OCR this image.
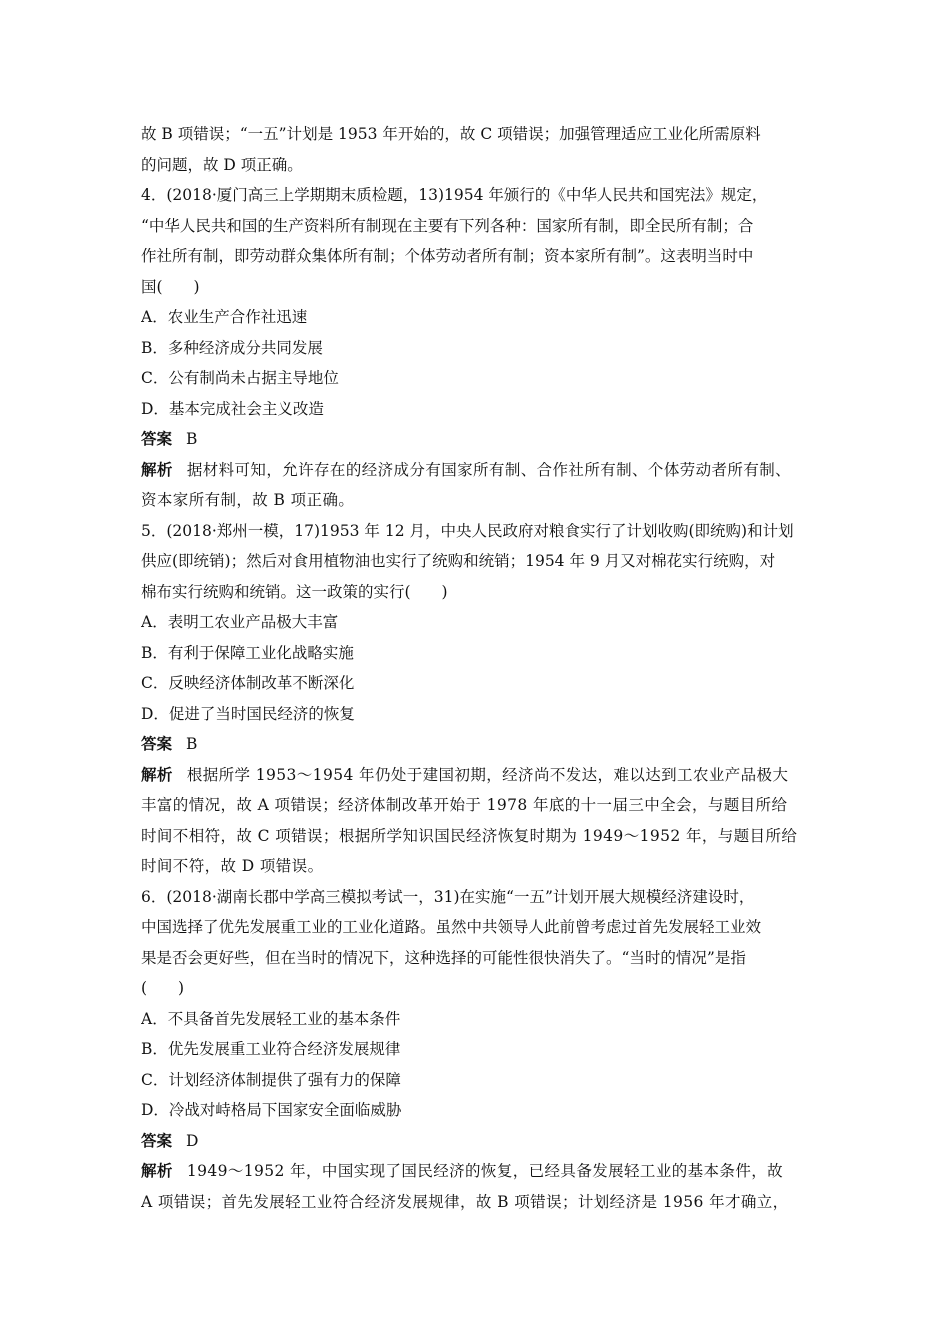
故 B 项错误；“一五”计划是 1953 年开始的，故 C 项错误；加强管理适应工业化所需原料
的问题，故 D 项正确。
4．(2018·厦门高三上学期期末质检题，13)1954 年颁行的《中华人民共和国宪法》规定，
“中华人民共和国的生产资料所有制现在主要有下列各种：国家所有制，即全民所有制；合
作社所有制，即劳动群众集体所有制；个体劳动者所有制；资本家所有制”。这表明当时中
国(　　)
A．农业生产合作社迅速
B．多种经济成分共同发展
C．公有制尚未占据主导地位
D．基本完成社会主义改造
答案 B
解析 据材料可知，允许存在的经济成分有国家所有制、合作社所有制、个体劳动者所有制、
资本家所有制，故 B 项正确。
5．(2018·郑州一模，17)1953 年 12 月，中央人民政府对粮食实行了计划收购(即统购)和计划
供应(即统销)；然后对食用植物油也实行了统购和统销；1954 年 9 月又对棉花实行统购，对
棉布实行统购和统销。这一政策的实行(　　)
A．表明工农业产品极大丰富
B．有利于保障工业化战略实施
C．反映经济体制改革不断深化
D．促进了当时国民经济的恢复
答案 B
解析 根据所学 1953～1954 年仍处于建国初期，经济尚不发达，难以达到工农业产品极大
丰富的情况，故 A 项错误；经济体制改革开始于 1978 年底的十一届三中全会，与题目所给
时间不相符，故 C 项错误；根据所学知识国民经济恢复时期为 1949～1952 年，与题目所给
时间不符，故 D 项错误。
6．(2018·湖南长郡中学高三模拟考试一，31)在实施“一五”计划开展大规模经济建设时，
中国选择了优先发展重工业的工业化道路。虽然中共领导人此前曾考虑过首先发展轻工业效
果是否会更好些，但在当时的情况下，这种选择的可能性很快消失了。“当时的情况”是指
(　　)
A．不具备首先发展轻工业的基本条件
B．优先发展重工业符合经济发展规律
C．计划经济体制提供了强有力的保障
D．冷战对峙格局下国家安全面临威胁
答案 D
解析 1949～1952 年，中国实现了国民经济的恢复，已经具备发展轻工业的基本条件，故
A 项错误；首先发展轻工业符合经济发展规律，故 B 项错误；计划经济是 1956 年才确立，
